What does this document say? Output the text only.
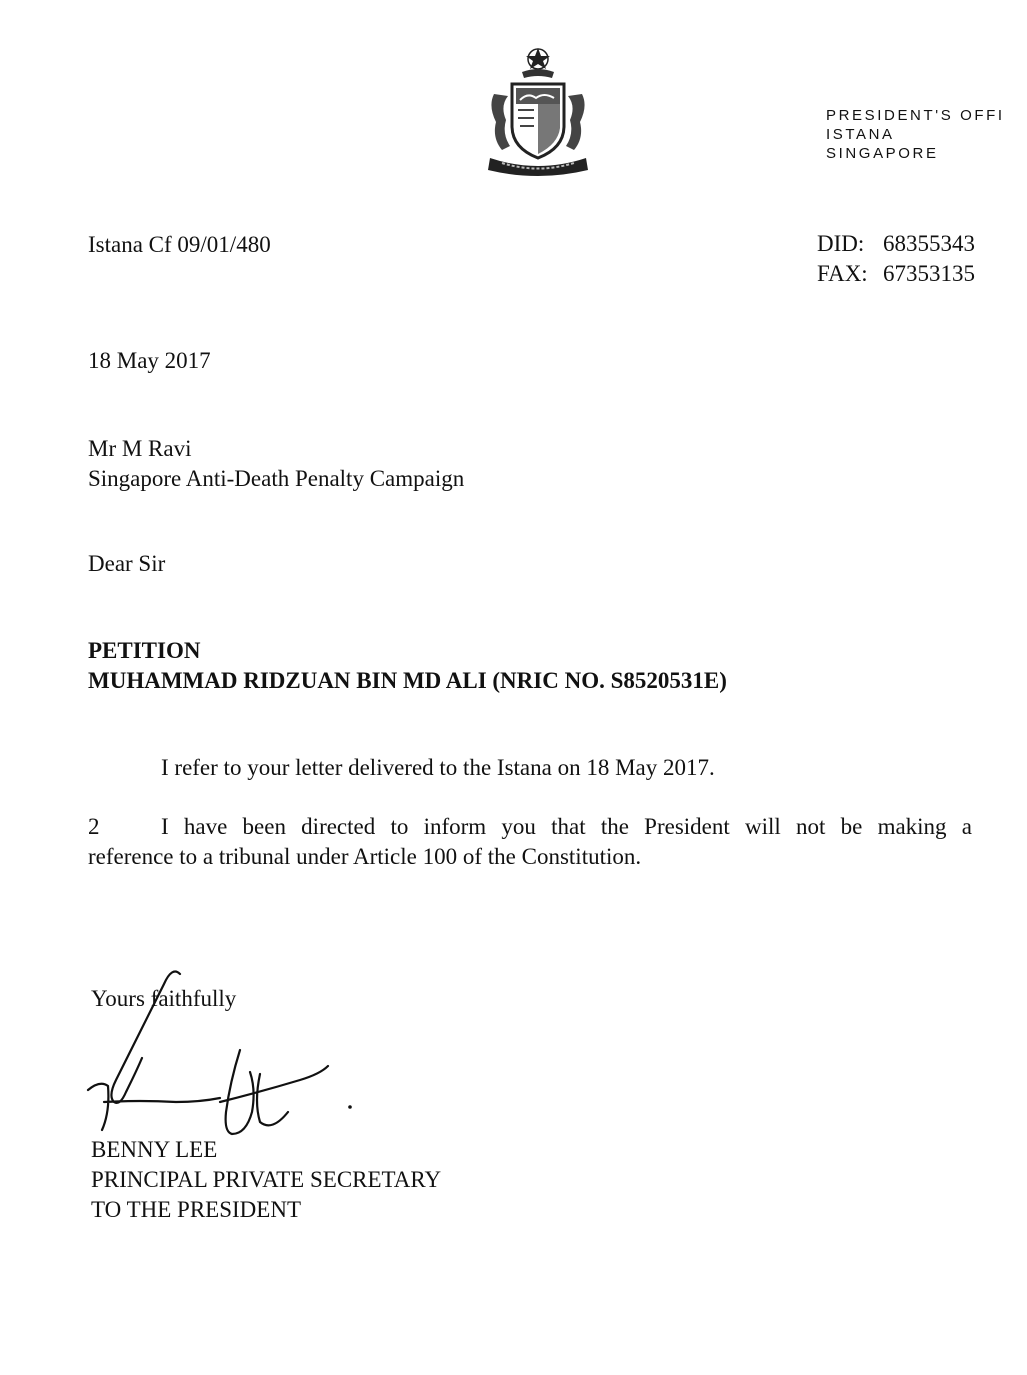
PRESIDENT'S OFFI
ISTANA
SINGAPORE
Istana Cf 09/01/480	DID: 68355343
FAX: 67353135
18 May 2017
Mr M Ravi
Singapore Anti-Death Penalty Campaign
Dear Sir
PETITION
MUHAMMAD RIDZUAN BIN MD ALI (NRIC NO. S8520531E)
I refer to your letter delivered to the Istana on 18 May 2017.
2	I have been directed to inform you that the President will not be making a
reference to a tribunal under Article 100 of the Constitution.
Yours faithfully
BENNY LEE
PRINCIPAL PRIVATE SECRETARY
TO THE PRESIDENT
